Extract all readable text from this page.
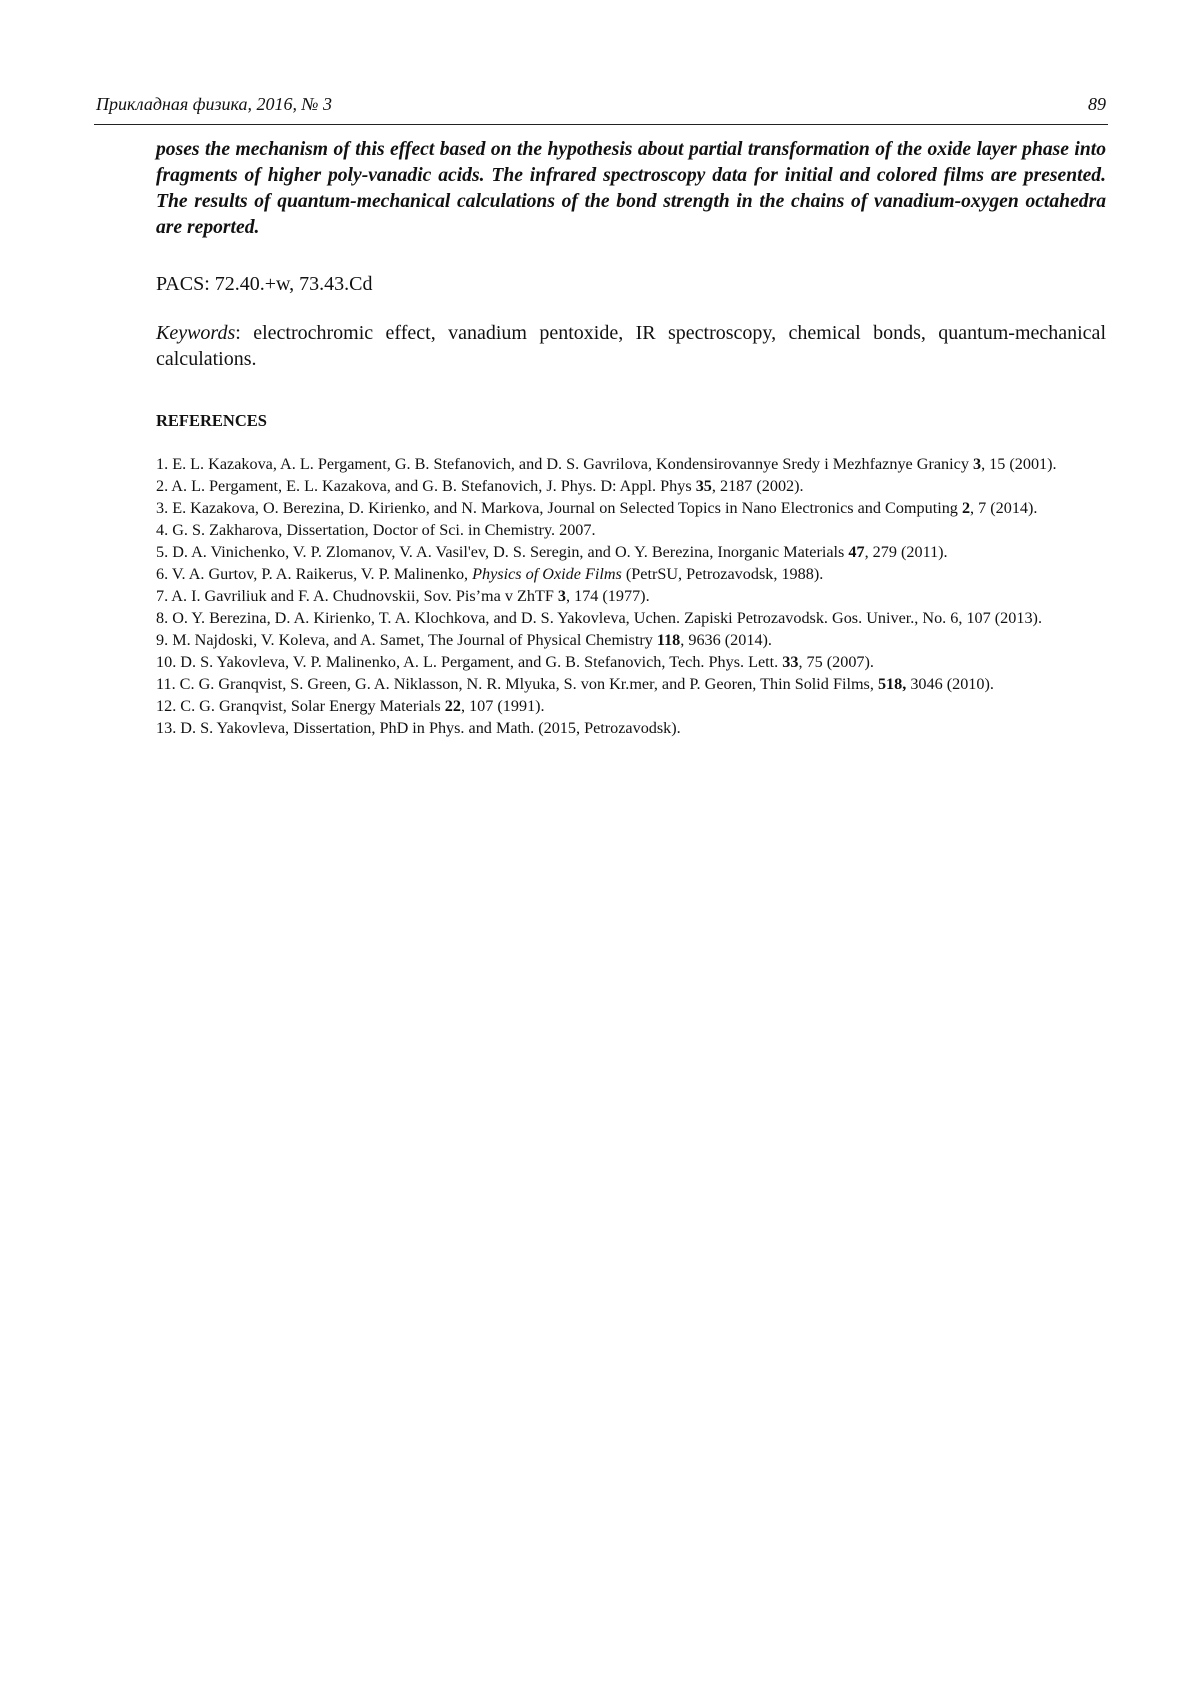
Прикладная физика, 2016, № 3	89

poses the mechanism of this effect based on the hypothesis about partial transformation of the oxide layer phase into fragments of higher poly-vanadic acids. The infrared spectroscopy data for initial and colored films are presented. The results of quantum-mechanical calculations of the bond strength in the chains of vanadium-oxygen octahedra are reported.

PACS: 72.40.+w, 73.43.Cd

Keywords: electrochromic effect, vanadium pentoxide, IR spectroscopy, chemical bonds, quantum-mechanical calculations.

REFERENCES
1. E. L. Kazakova, A. L. Pergament, G. B. Stefanovich, and D. S. Gavrilova, Kondensirovannye Sredy i Mezhfaznye Granicy 3, 15 (2001).
2. A. L. Pergament, E. L. Kazakova, and G. B. Stefanovich, J. Phys. D: Appl. Phys 35, 2187 (2002).
3. E. Kazakova, O. Berezina, D. Kirienko, and N. Markova, Journal on Selected Topics in Nano Electronics and Computing 2, 7 (2014).
4. G. S. Zakharova, Dissertation, Doctor of Sci. in Chemistry. 2007.
5. D. A. Vinichenko, V. P. Zlomanov, V. A. Vasil'ev, D. S. Seregin, and O. Y. Berezina, Inorganic Materials 47, 279 (2011).
6. V. A. Gurtov, P. A. Raikerus, V. P. Malinenko, Physics of Oxide Films (PetrSU, Petrozavodsk, 1988).
7. A. I. Gavriliuk and F. A. Chudnovskii, Sov. Pis’ma v ZhTF 3, 174 (1977).
8. O. Y. Berezina, D. A. Kirienko, T. A. Klochkova, and D. S. Yakovleva, Uchen. Zapiski Petrozavodsk. Gos. Univer., No. 6, 107 (2013).
9. M. Najdoski, V. Koleva, and A. Samet, The Journal of Physical Chemistry 118, 9636 (2014).
10. D. S. Yakovleva, V. P. Malinenko, A. L. Pergament, and G. B. Stefanovich, Tech. Phys. Lett. 33, 75 (2007).
11. C. G. Granqvist, S. Green, G. A. Niklasson, N. R. Mlyuka, S. von Kr.mer, and P. Georen, Thin Solid Films, 518, 3046 (2010).
12. C. G. Granqvist, Solar Energy Materials 22, 107 (1991).
13. D. S. Yakovleva, Dissertation, PhD in Phys. and Math. (2015, Petrozavodsk).
